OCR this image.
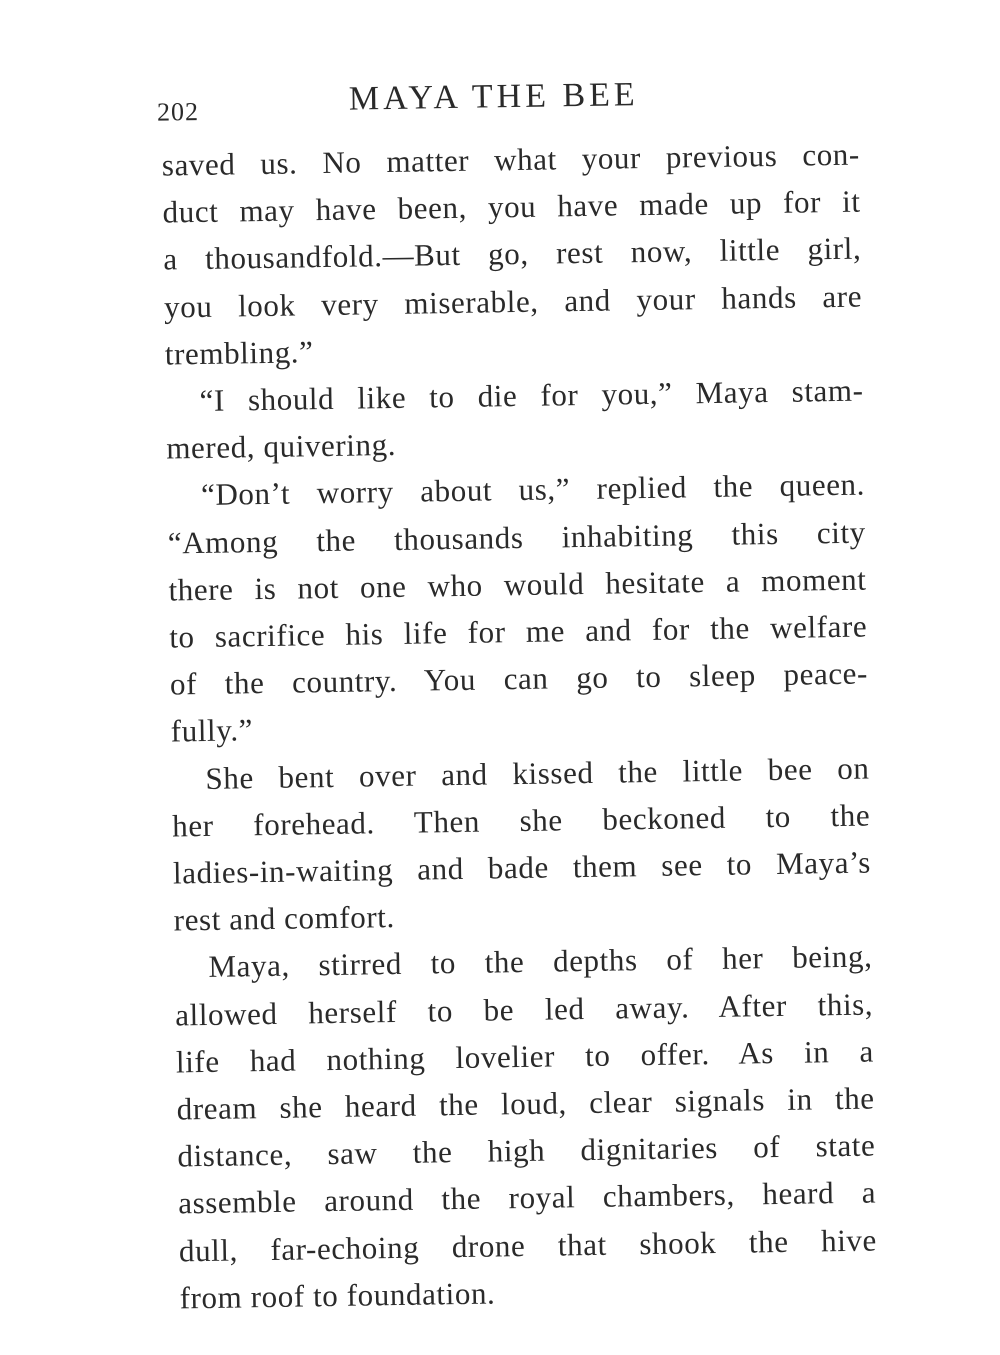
202	MAYA THE BEE
saved us. No matter what your previous con-
duct may have been, you have made up for it
a thousandfold.—But go, rest now, little girl,
you look very miserable, and your hands are
trembling.”
“I should like to die for you,” Maya stam-
mered, quivering.
“Don’t worry about us,” replied the queen.
“Among the thousands inhabiting this city
there is not one who would hesitate a moment
to sacrifice his life for me and for the welfare
of the country. You can go to sleep peace-
fully.”
She bent over and kissed the little bee on
her forehead. Then she beckoned to the
ladies-in-waiting and bade them see to Maya’s
rest and comfort.
Maya, stirred to the depths of her being,
allowed herself to be led away. After this,
life had nothing lovelier to offer. As in a
dream she heard the loud, clear signals in the
distance, saw the high dignitaries of state
assemble around the royal chambers, heard a
dull, far-echoing drone that shook the hive
from roof to foundation.
